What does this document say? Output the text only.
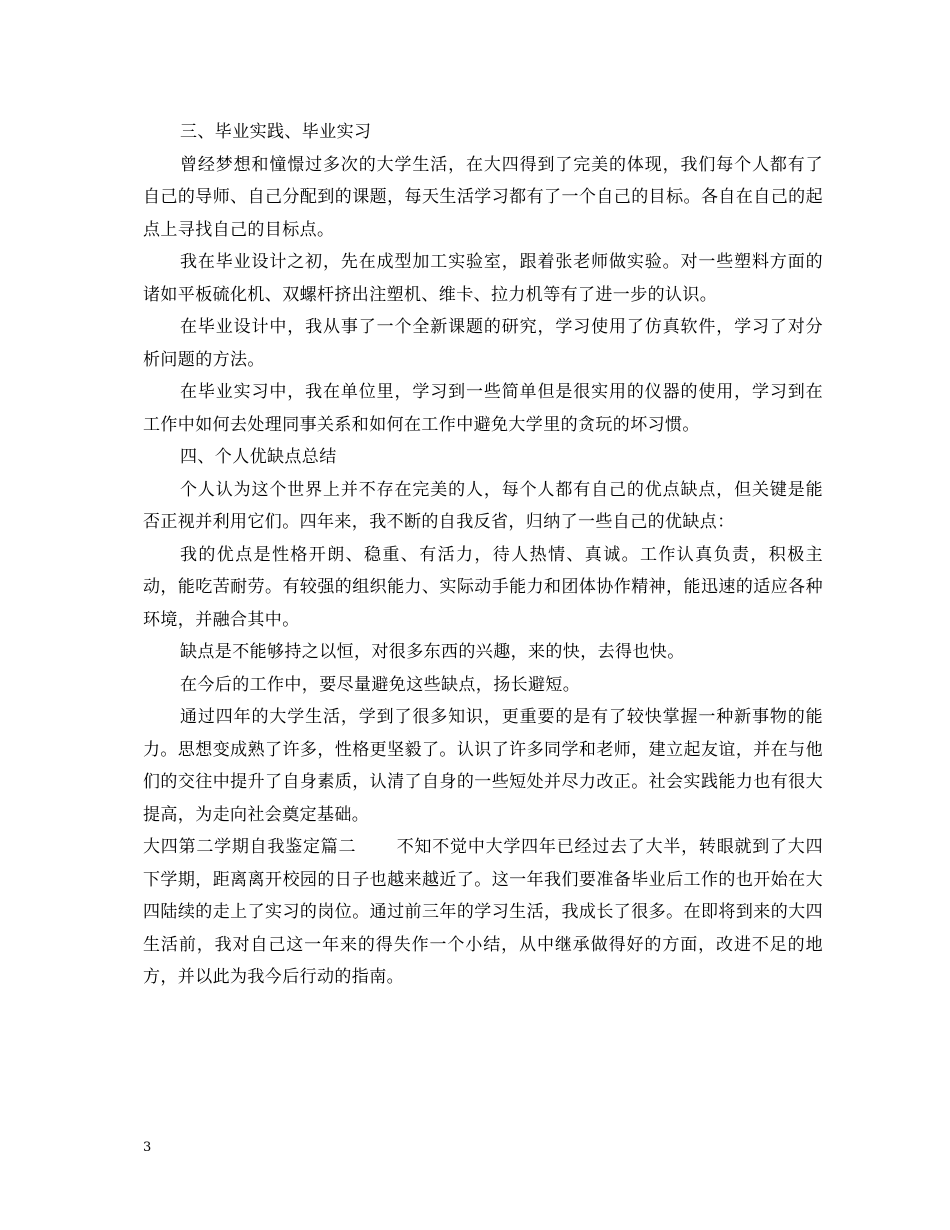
三、毕业实践、毕业实习

曾经梦想和憧憬过多次的大学生活，在大四得到了完美的体现，我们每个人都有了自己的导师、自己分配到的课题，每天生活学习都有了一个自己的目标。各自在自己的起点上寻找自己的目标点。

我在毕业设计之初，先在成型加工实验室，跟着张老师做实验。对一些塑料方面的诸如平板硫化机、双螺杆挤出注塑机、维卡、拉力机等有了进一步的认识。

在毕业设计中，我从事了一个全新课题的研究，学习使用了仿真软件，学习了对分析问题的方法。

在毕业实习中，我在单位里，学习到一些简单但是很实用的仪器的使用，学习到在工作中如何去处理同事关系和如何在工作中避免大学里的贪玩的坏习惯。

四、个人优缺点总结

个人认为这个世界上并不存在完美的人，每个人都有自己的优点缺点，但关键是能否正视并利用它们。四年来，我不断的自我反省，归纳了一些自己的优缺点：

我的优点是性格开朗、稳重、有活力，待人热情、真诚。工作认真负责，积极主动，能吃苦耐劳。有较强的组织能力、实际动手能力和团体协作精神，能迅速的适应各种环境，并融合其中。

缺点是不能够持之以恒，对很多东西的兴趣，来的快，去得也快。

在今后的工作中，要尽量避免这些缺点，扬长避短。

通过四年的大学生活，学到了很多知识，更重要的是有了较快掌握一种新事物的能力。思想变成熟了许多，性格更坚毅了。认识了许多同学和老师，建立起友谊，并在与他们的交往中提升了自身素质，认清了自身的一些短处并尽力改正。社会实践能力也有很大提高，为走向社会奠定基础。

大四第二学期自我鉴定篇二 不知不觉中大学四年已经过去了大半，转眼就到了大四下学期，距离离开校园的日子也越来越近了。这一年我们要准备毕业后工作的也开始在大四陆续的走上了实习的岗位。通过前三年的学习生活，我成长了很多。在即将到来的大四生活前，我对自己这一年来的得失作一个小结，从中继承做得好的方面，改进不足的地方，并以此为我今后行动的指南。

3
